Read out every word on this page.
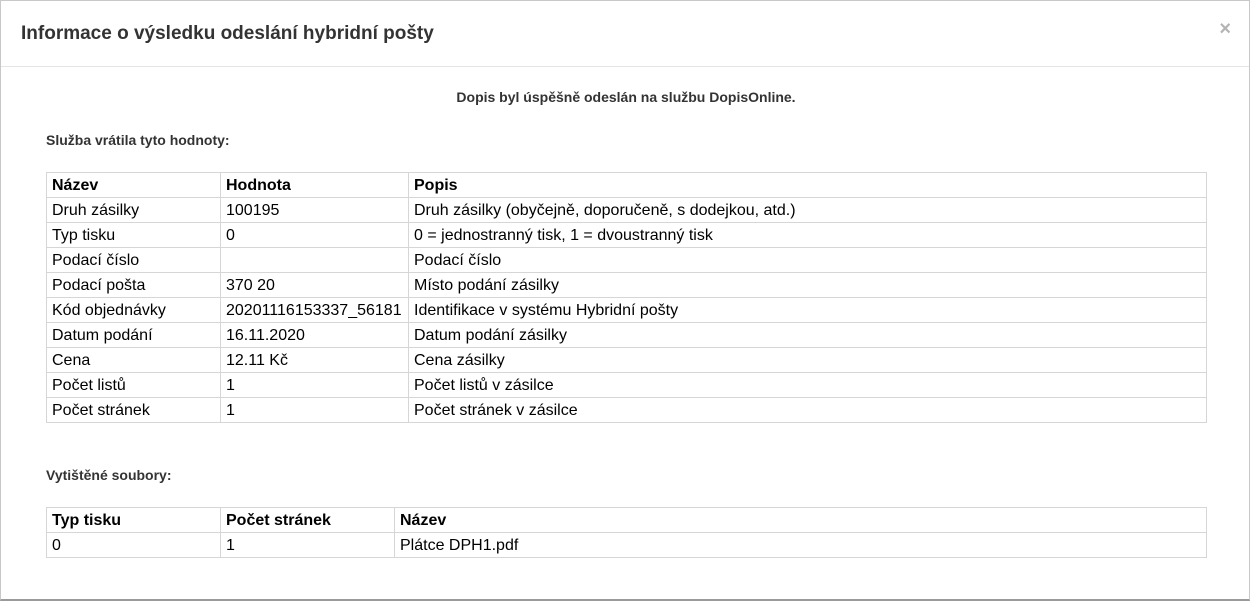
Informace o výsledku odeslání hybridní pošty	×
Dopis byl úspěšně odeslán na službu DopisOnline.
Služba vrátila tyto hodnoty:
Název	Hodnota	Popis
Druh zásilky	100195	Druh zásilky (obyčejně, doporučeně, s dodejkou, atd.)
Typ tisku	0	0 = jednostranný tisk, 1 = dvoustranný tisk
Podací číslo		Podací číslo
Podací pošta	370 20	Místo podání zásilky
Kód objednávky	20201116153337_56181	Identifikace v systému Hybridní pošty
Datum podání	16.11.2020	Datum podání zásilky
Cena	12.11 Kč	Cena zásilky
Počet listů	1	Počet listů v zásilce
Počet stránek	1	Počet stránek v zásilce
Vytištěné soubory:
Typ tisku	Počet stránek	Název
0	1	Plátce DPH1.pdf
